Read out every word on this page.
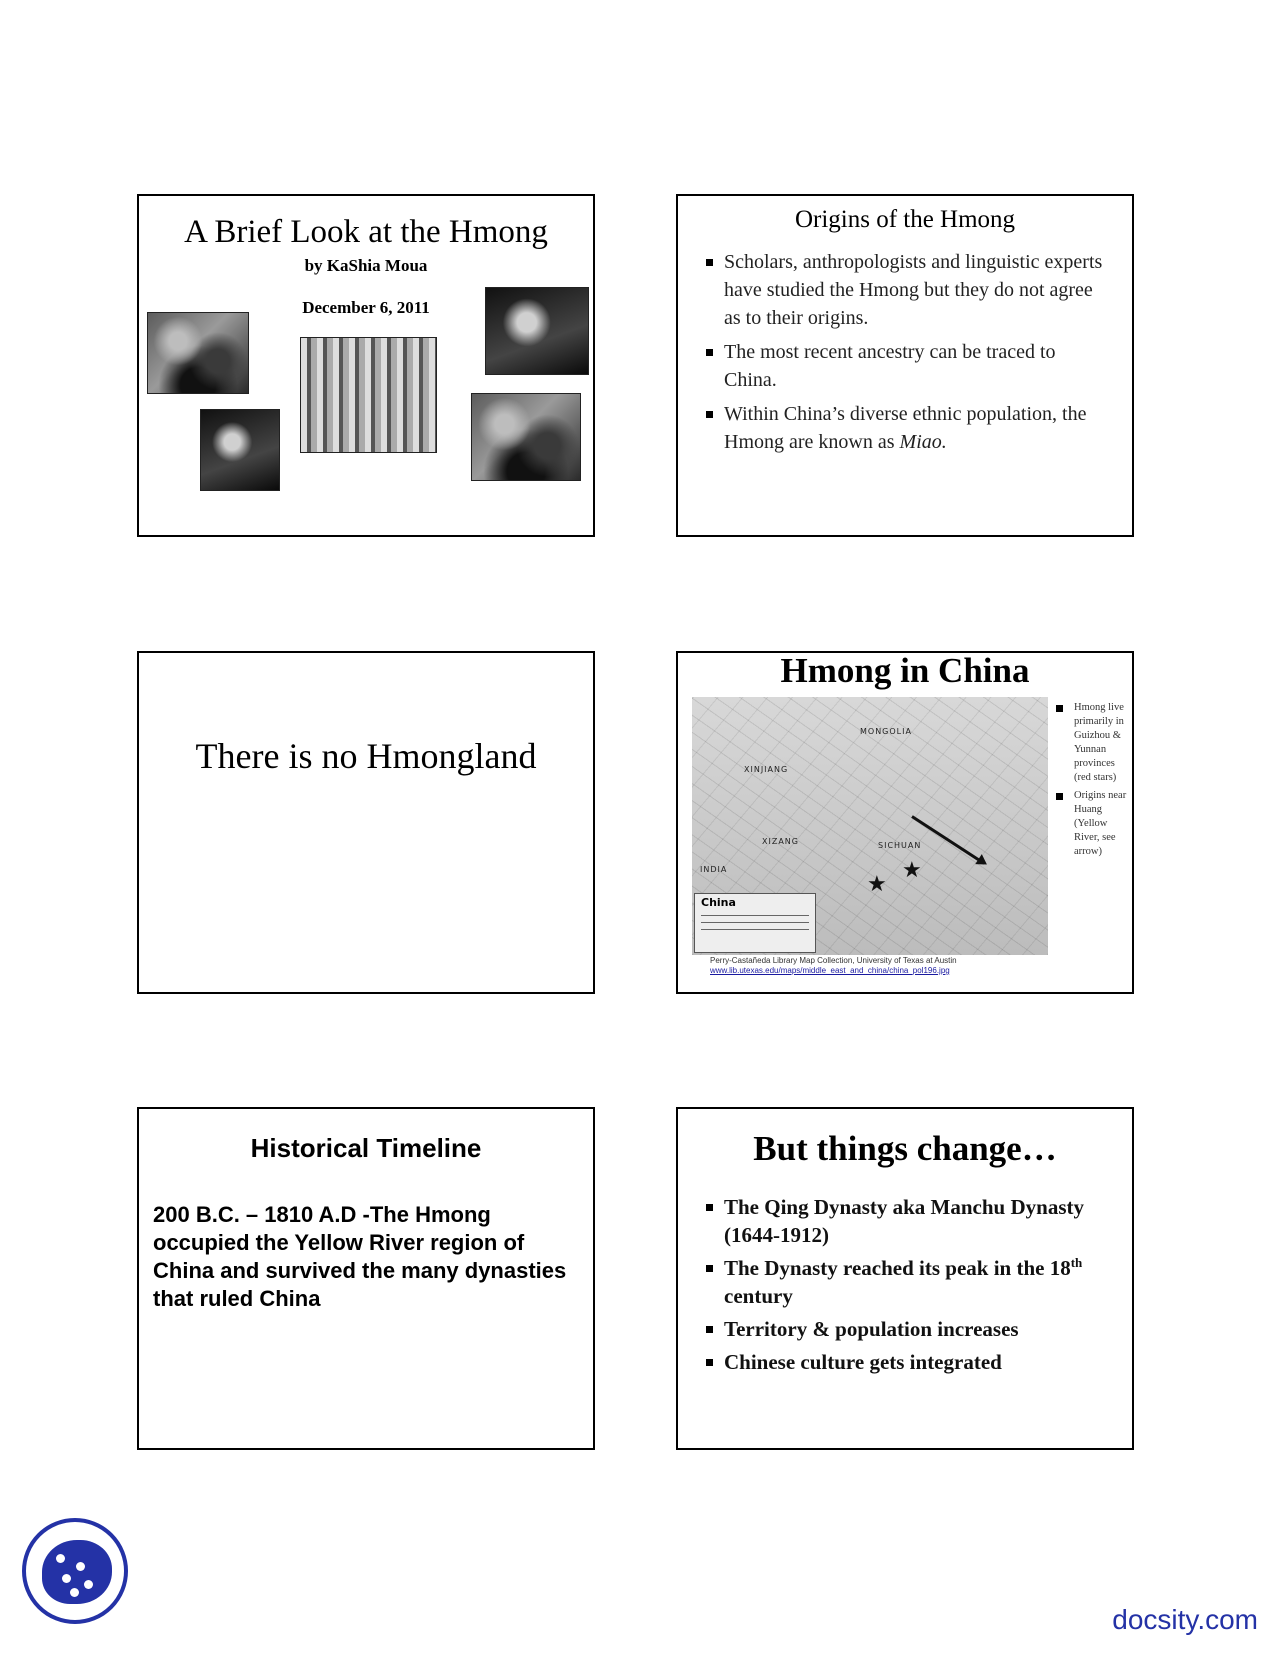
A Brief Look at the Hmong
by KaShia Moua
December 6, 2011
Origins of the Hmong
Scholars, anthropologists and linguistic experts have studied the Hmong but they do not agree as to their origins.
The most recent ancestry can be traced to China.
Within China’s diverse ethnic population, the Hmong are known as Miao.
There is no Hmongland
Hmong in China
MONGOLIA
XINJIANG
XIZANG
INDIA
SICHUAN
★
★
China
Hmong live primarily in Guizhou & Yunnan provinces (red stars)
Origins near Huang (Yellow River, see arrow)
Perry-Castañeda Library Map Collection, University of Texas at Austin
www.lib.utexas.edu/maps/middle_east_and_china/china_pol196.jpg
Historical Timeline
200 B.C. – 1810 A.D -The Hmong occupied the Yellow River region of China and survived the many dynasties that ruled China
But things change…
The Qing Dynasty aka Manchu Dynasty (1644-1912)
The Dynasty reached its peak in the 18th century
Territory & population increases
Chinese culture gets integrated
docsity.com
